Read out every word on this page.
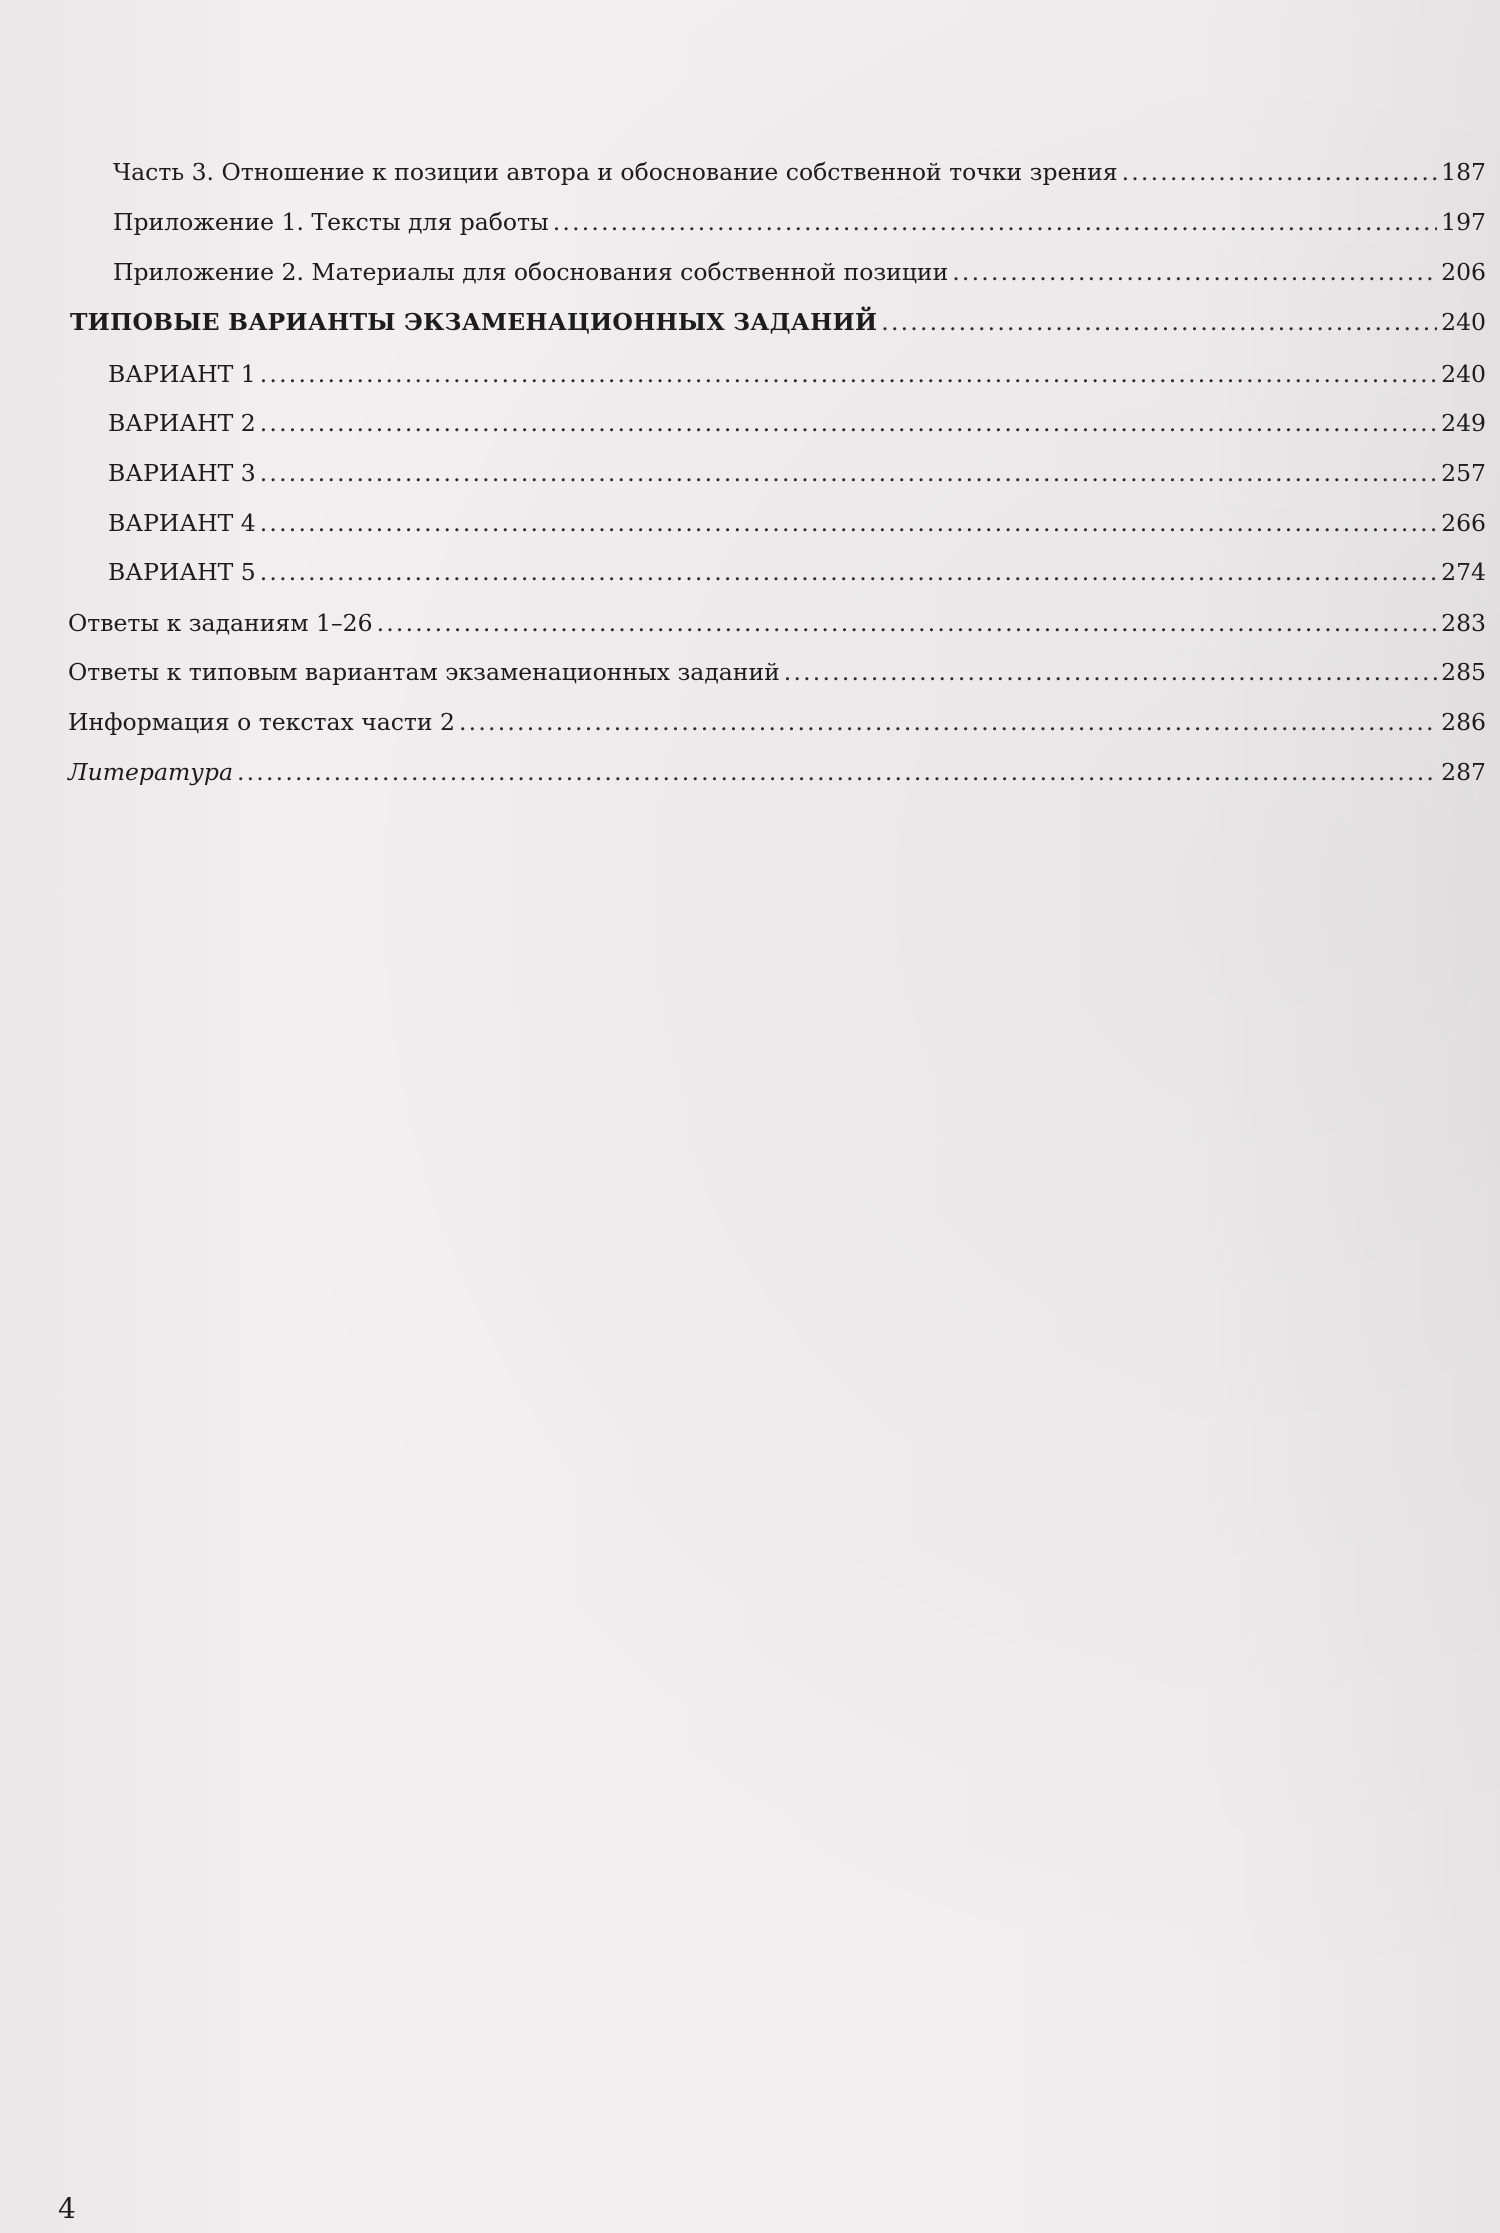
Часть 3. Отношение к позиции автора и обоснование собственной точки зрения .....	187
Приложение 1. Тексты для работы .....	197
Приложение 2. Материалы для обоснования собственной позиции .....	206
ТИПОВЫЕ ВАРИАНТЫ ЭКЗАМЕНАЦИОННЫХ ЗАДАНИЙ .....	240
ВАРИАНТ 1 .....	240
ВАРИАНТ 2 .....	249
ВАРИАНТ 3 .....	257
ВАРИАНТ 4 .....	266
ВАРИАНТ 5 .....	274
Ответы к заданиям 1–26 .....	283
Ответы к типовым вариантам экзаменационных заданий .....	285
Информация о текстах части 2 .....	286
Литература .....	287
4
